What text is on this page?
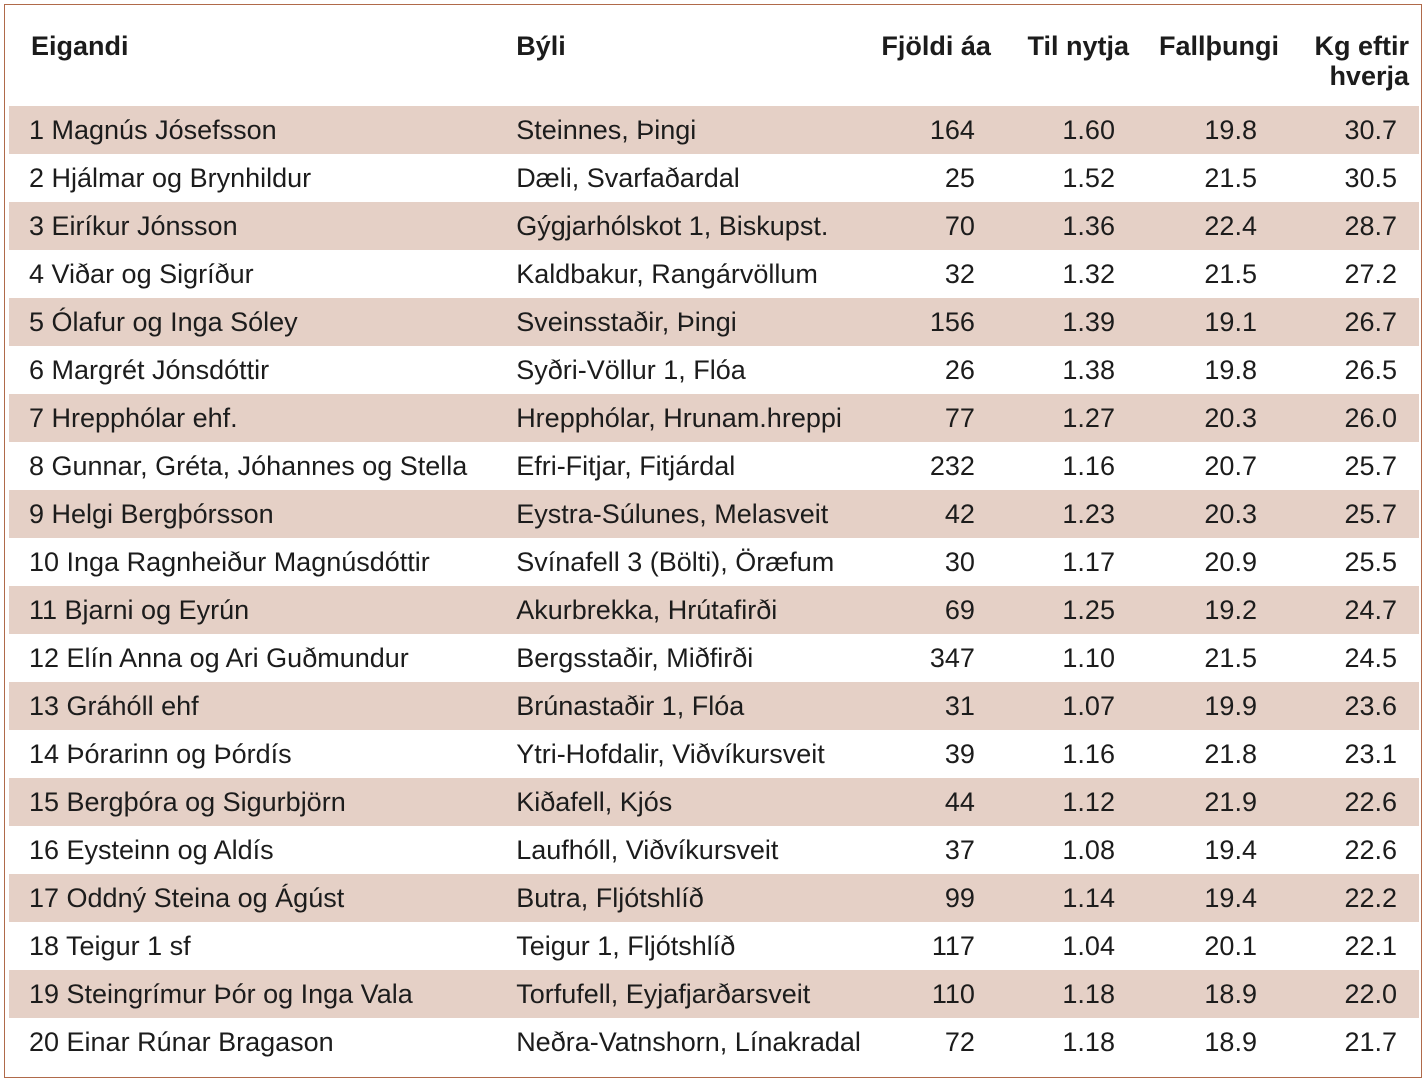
Eigandi	Býli	Fjöldi áa	Til nytja	Fallþungi	Kg eftir
hverja

1 Magnús Jósefsson	Steinnes, Þingi	164	1.60	19.8	30.7
2 Hjálmar og Brynhildur	Dæli, Svarfaðardal	25	1.52	21.5	30.5
3 Eiríkur Jónsson	Gýgjarhólskot 1, Biskupst.	70	1.36	22.4	28.7
4 Viðar og Sigríður	Kaldbakur, Rangárvöllum	32	1.32	21.5	27.2
5 Ólafur og Inga Sóley	Sveinsstaðir, Þingi	156	1.39	19.1	26.7
6 Margrét Jónsdóttir	Syðri-Völlur 1, Flóa	26	1.38	19.8	26.5
7 Hrepphólar ehf.	Hrepphólar, Hrunam.hreppi	77	1.27	20.3	26.0
8 Gunnar, Gréta, Jóhannes og Stella	Efri-Fitjar, Fitjárdal	232	1.16	20.7	25.7
9 Helgi Bergþórsson	Eystra-Súlunes, Melasveit	42	1.23	20.3	25.7
10 Inga Ragnheiður Magnúsdóttir	Svínafell 3 (Bölti), Öræfum	30	1.17	20.9	25.5
11 Bjarni og Eyrún	Akurbrekka, Hrútafirði	69	1.25	19.2	24.7
12 Elín Anna og Ari Guðmundur	Bergsstaðir, Miðfirði	347	1.10	21.5	24.5
13 Gráhóll ehf	Brúnastaðir 1, Flóa	31	1.07	19.9	23.6
14 Þórarinn og Þórdís	Ytri-Hofdalir, Viðvíkursveit	39	1.16	21.8	23.1
15 Bergþóra og Sigurbjörn	Kiðafell, Kjós	44	1.12	21.9	22.6
16 Eysteinn og Aldís	Laufhóll, Viðvíkursveit	37	1.08	19.4	22.6
17 Oddný Steina og Ágúst	Butra, Fljótshlíð	99	1.14	19.4	22.2
18 Teigur 1 sf	Teigur 1, Fljótshlíð	117	1.04	20.1	22.1
19 Steingrímur Þór og Inga Vala	Torfufell, Eyjafjarðarsveit	110	1.18	18.9	22.0
20 Einar Rúnar Bragason	Neðra-Vatnshorn, Línakradal	72	1.18	18.9	21.7
